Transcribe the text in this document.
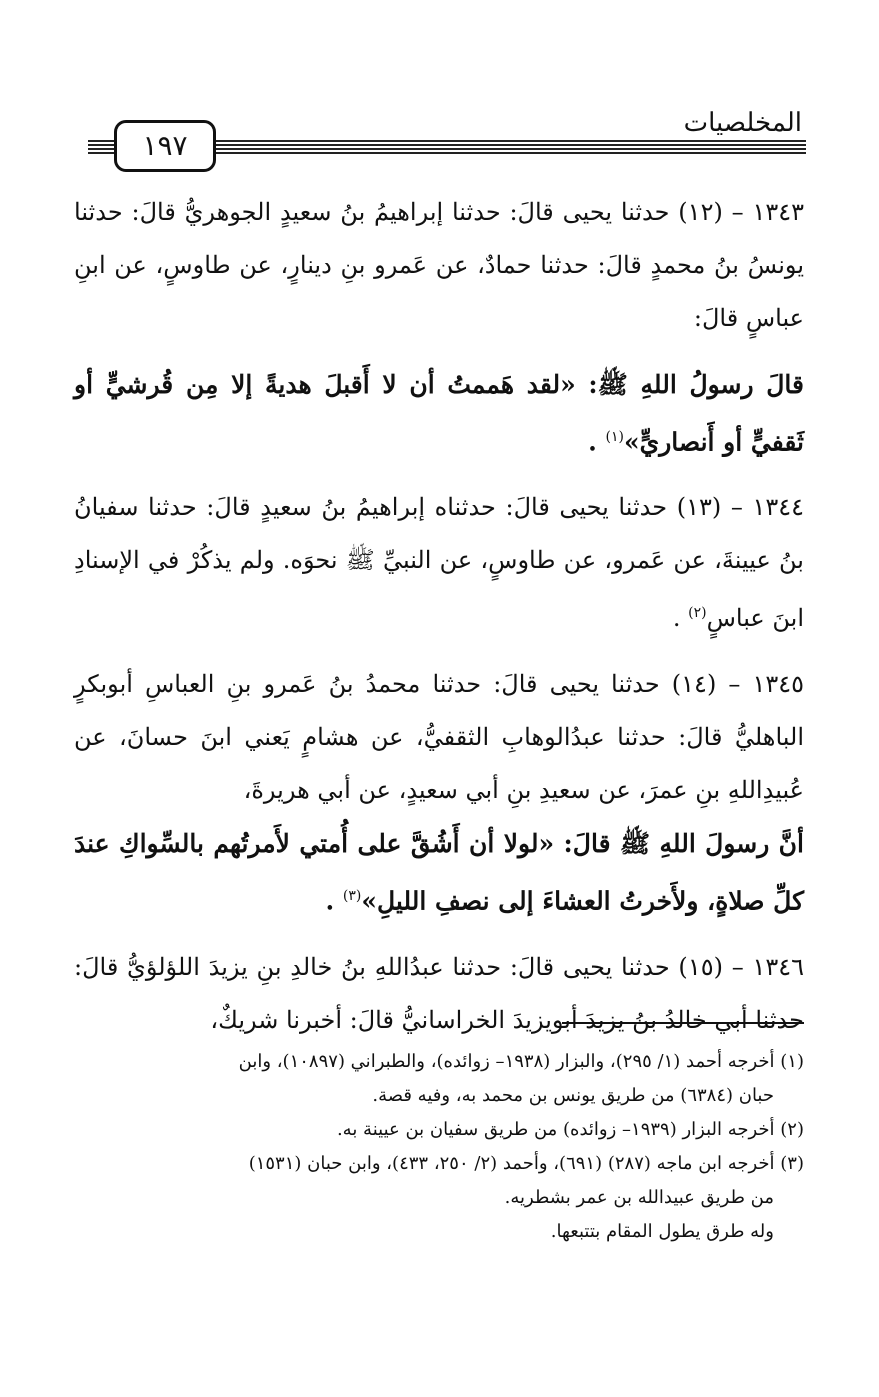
١٩٧
المخلصيات

١٣٤٣ – (١٢) حدثنا يحيى قالَ: حدثنا إبراهيمُ بنُ سعيدٍ الجوهريُّ قالَ: حدثنا يونسُ بنُ محمدٍ قالَ: حدثنا حمادٌ، عن عَمرو بنِ دينارٍ، عن طاوسٍ، عن ابنِ عباسٍ قالَ:

قالَ رسولُ اللهِ ﷺ: «لقد هَممتُ أن لا أَقبلَ هديةً إلا مِن قُرشيٍّ أو ثَقفيٍّ أو أَنصاريٍّ»$^{(١)}$ .

١٣٤٤ – (١٣) حدثنا يحيى قالَ: حدثناه إبراهيمُ بنُ سعيدٍ قالَ: حدثنا سفيانُ بنُ عيينةَ، عن عَمرو، عن طاوسٍ، عن النبيِّ ﷺ نحوَه. ولم يذكُرْ في الإسنادِ ابنَ عباسٍ$^{(٢)}$ .

١٣٤٥ – (١٤) حدثنا يحيى قالَ: حدثنا محمدُ بنُ عَمرو بنِ العباسِ أبوبكرٍ الباهليُّ قالَ: حدثنا عبدُالوهابِ الثقفيُّ، عن هشامٍ يَعني ابنَ حسانَ، عن عُبيدِاللهِ بنِ عمرَ، عن سعيدِ بنِ أبي سعيدٍ، عن أبي هريرةَ،

أنَّ رسولَ اللهِ ﷺ قالَ: «لولا أن أَشُقَّ على أُمتي لأَمرتُهم بالسِّواكِ عندَ كلِّ صلاةٍ، ولأَخرتُ العشاءَ إلى نصفِ الليلِ»$^{(٣)}$ .

١٣٤٦ – (١٥) حدثنا يحيى قالَ: حدثنا عبدُاللهِ بنُ خالدِ بنِ يزيدَ اللؤلؤيُّ قالَ: حدثنا أبي خالدُ بنُ يزيدَ أبويزيدَ الخراسانيُّ قالَ: أخبرنا شريكٌ،

(١) أخرجه أحمد (١/ ٢٩٥)، والبزار (١٩٣٨– زوائده)، والطبراني (١٠٨٩٧)، وابن
حبان (٦٣٨٤) من طريق يونس بن محمد به، وفيه قصة.

(٢) أخرجه البزار (١٩٣٩– زوائده) من طريق سفيان بن عيينة به.

(٣) أخرجه ابن ماجه (٢٨٧) (٦٩١)، وأحمد (٢/ ٢٥٠، ٤٣٣)، وابن حبان (١٥٣١)
من طريق عبيدالله بن عمر بشطريه.
وله طرق يطول المقام بتتبعها.
